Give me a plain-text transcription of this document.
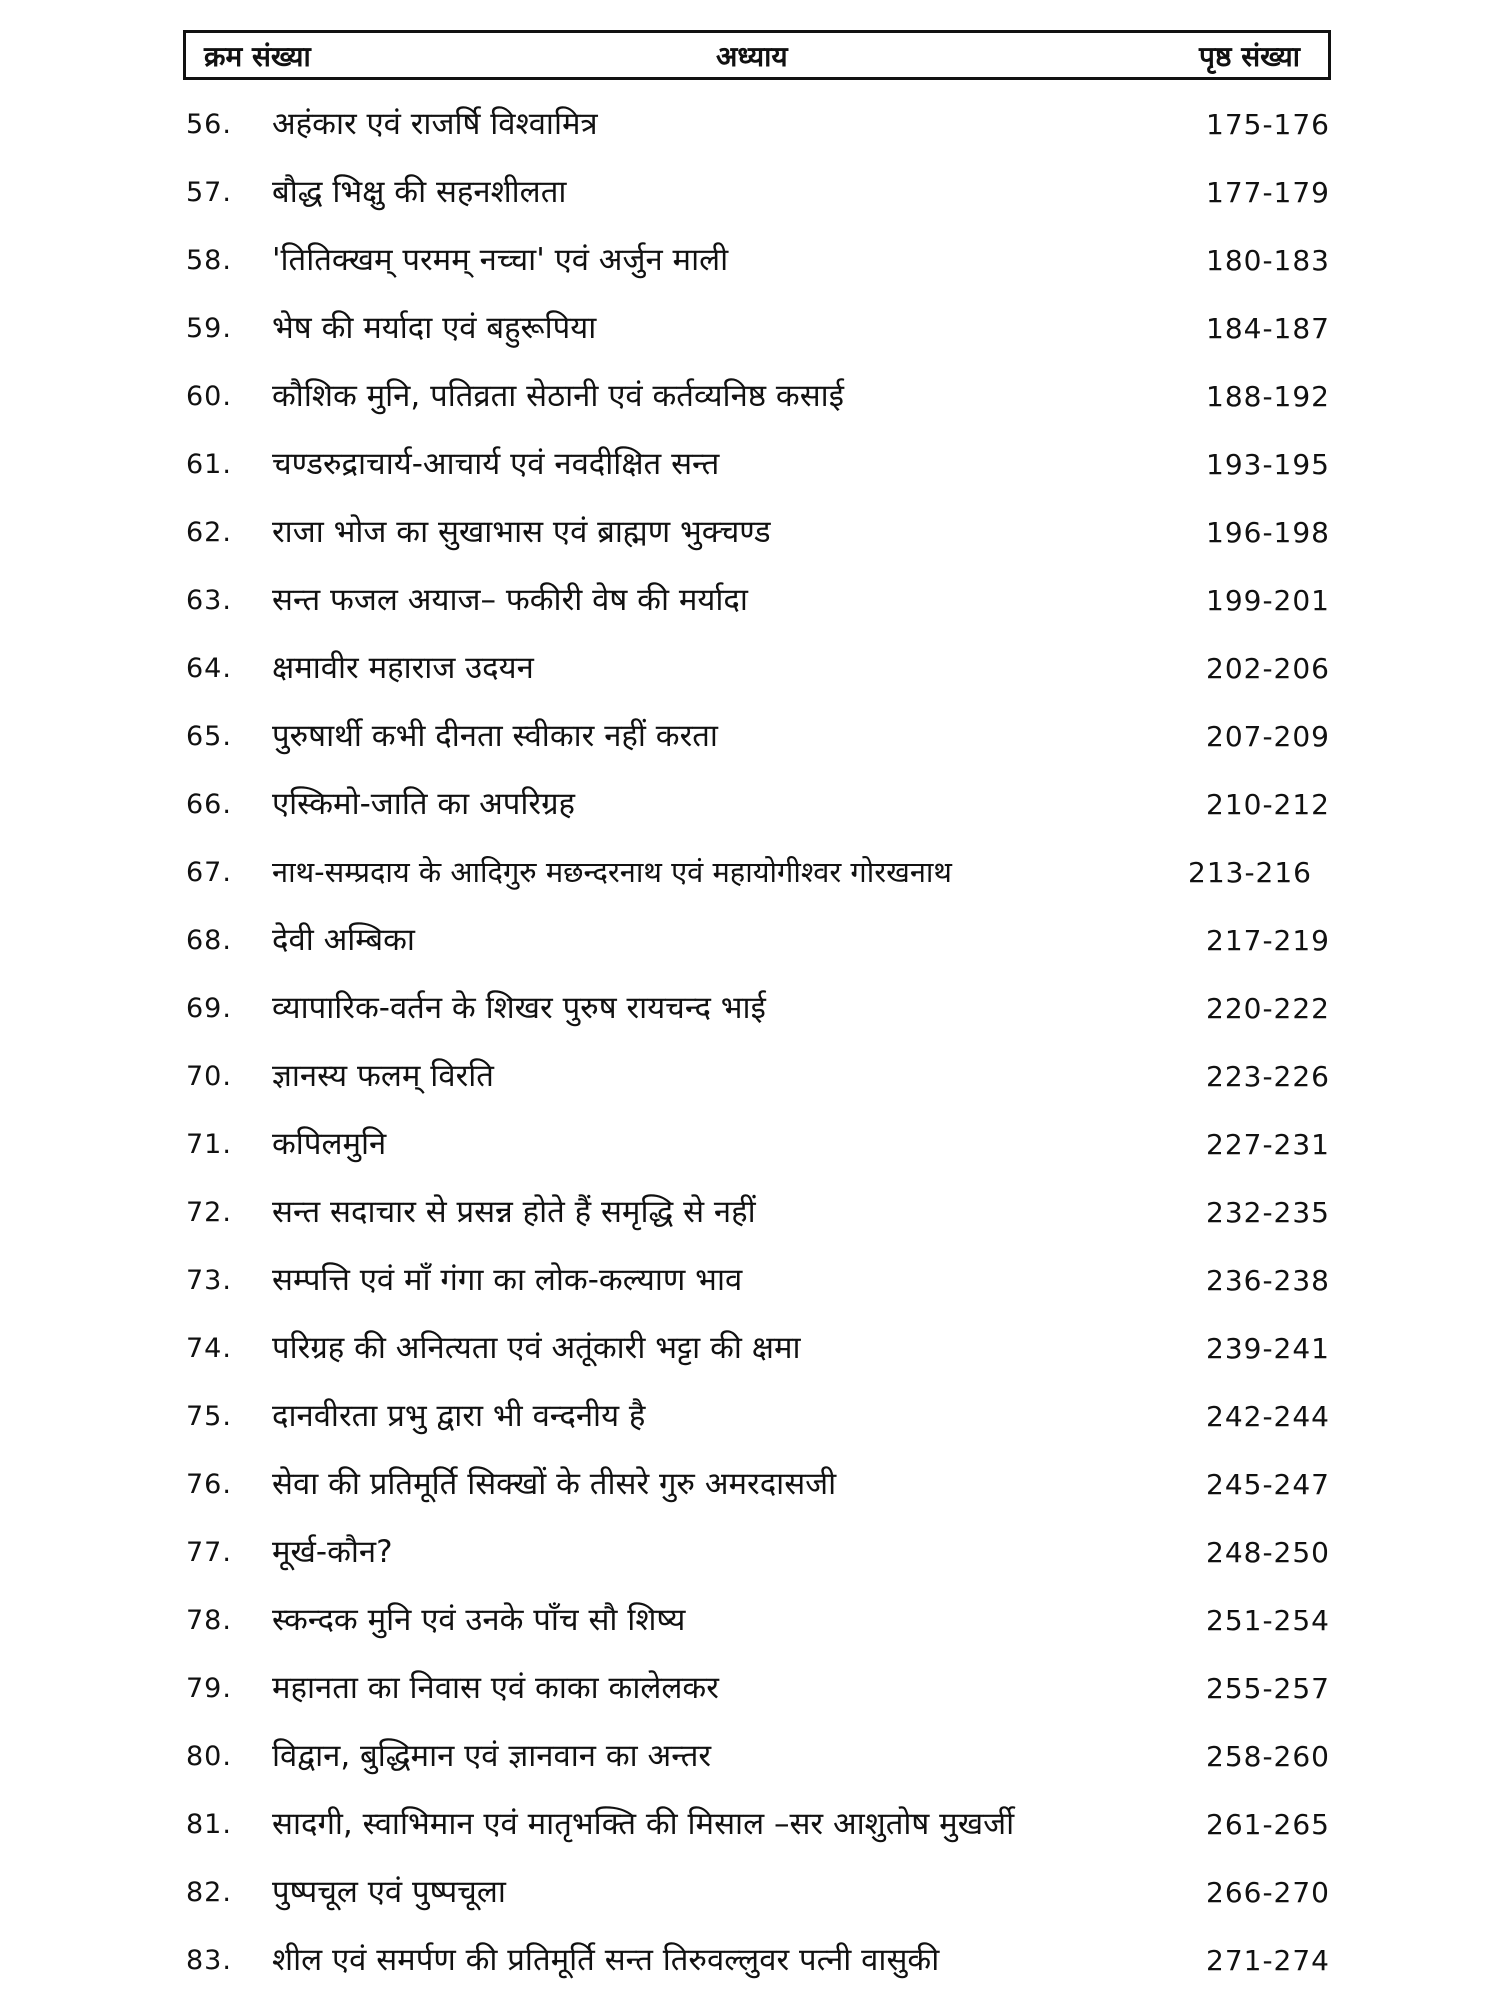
क्रम संख्या	अध्याय	पृष्ठ संख्या
56.	अहंकार एवं राजर्षि विश्वामित्र	175-176
57.	बौद्ध भिक्षु की सहनशीलता	177-179
58.	'तितिक्खम् परमम् नच्चा' एवं अर्जुन माली	180-183
59.	भेष की मर्यादा एवं बहुरूपिया	184-187
60.	कौशिक मुनि, पतिव्रता सेठानी एवं कर्तव्यनिष्ठ कसाई	188-192
61.	चण्डरुद्राचार्य-आचार्य एवं नवदीक्षित सन्त	193-195
62.	राजा भोज का सुखाभास एवं ब्राह्मण भुक्चण्ड	196-198
63.	सन्त फजल अयाज– फकीरी वेष की मर्यादा	199-201
64.	क्षमावीर महाराज उदयन	202-206
65.	पुरुषार्थी कभी दीनता स्वीकार नहीं करता	207-209
66.	एस्किमो-जाति का अपरिग्रह	210-212
67.	नाथ-सम्प्रदाय के आदिगुरु मछन्दरनाथ एवं महायोगीश्वर गोरखनाथ	213-216
68.	देवी अम्बिका	217-219
69.	व्यापारिक-वर्तन के शिखर पुरुष रायचन्द भाई	220-222
70.	ज्ञानस्य फलम् विरति	223-226
71.	कपिलमुनि	227-231
72.	सन्त सदाचार से प्रसन्न होते हैं समृद्धि से नहीं	232-235
73.	सम्पत्ति एवं माँ गंगा का लोक-कल्याण भाव	236-238
74.	परिग्रह की अनित्यता एवं अतूंकारी भट्टा की क्षमा	239-241
75.	दानवीरता प्रभु द्वारा भी वन्दनीय है	242-244
76.	सेवा की प्रतिमूर्ति सिक्खों के तीसरे गुरु अमरदासजी	245-247
77.	मूर्ख-कौन?	248-250
78.	स्कन्दक मुनि एवं उनके पाँच सौ शिष्य	251-254
79.	महानता का निवास एवं काका कालेलकर	255-257
80.	विद्वान, बुद्धिमान एवं ज्ञानवान का अन्तर	258-260
81.	सादगी, स्वाभिमान एवं मातृभक्ति की मिसाल –सर आशुतोष मुखर्जी	261-265
82.	पुष्पचूल एवं पुष्पचूला	266-270
83.	शील एवं समर्पण की प्रतिमूर्ति सन्त तिरुवल्लुवर पत्नी वासुकी	271-274
